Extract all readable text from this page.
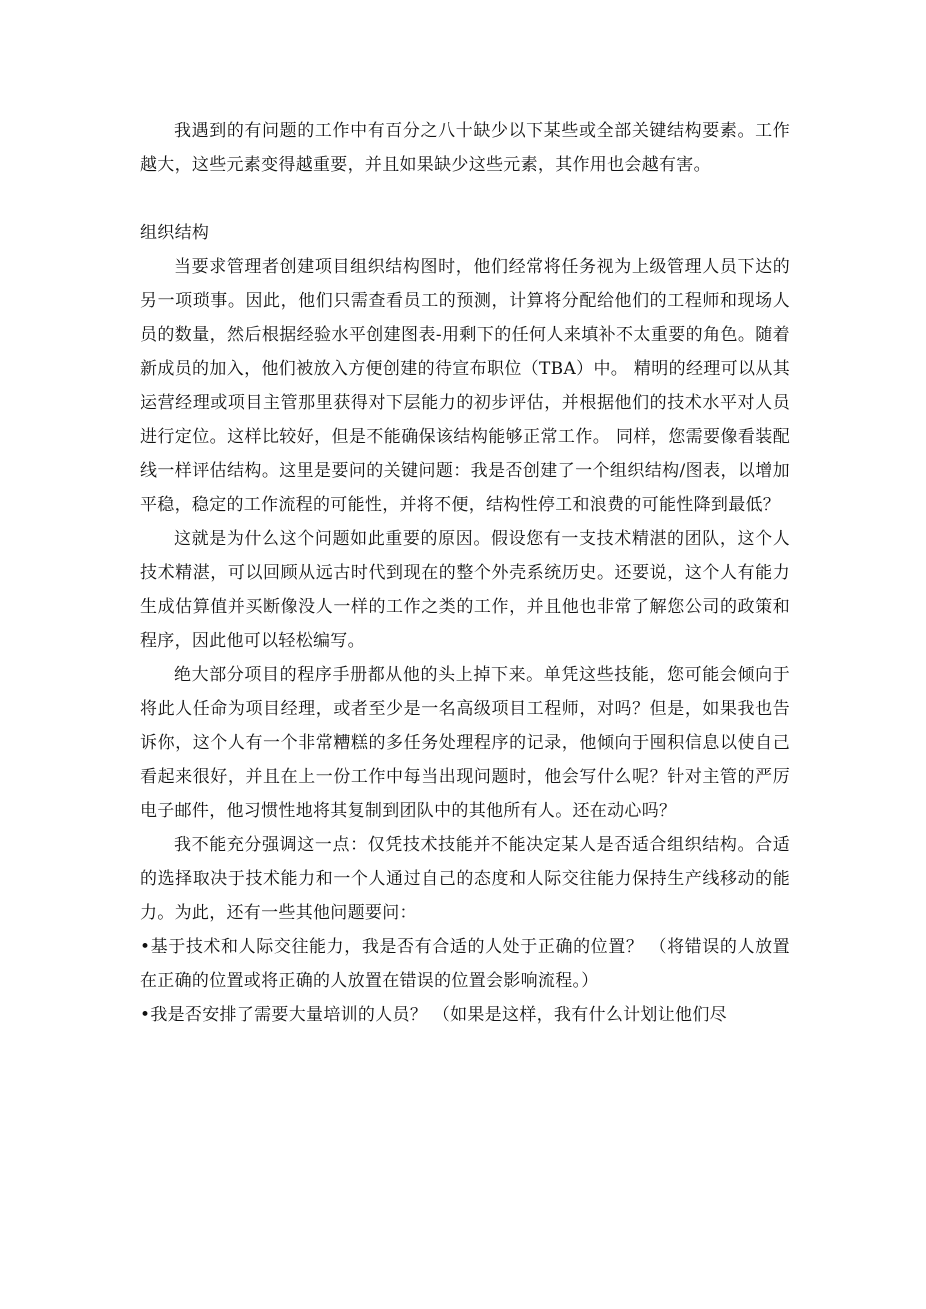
我遇到的有问题的工作中有百分之八十缺少以下某些或全部关键结构要素。工作越大，这些元素变得越重要，并且如果缺少这些元素，其作用也会越有害。

组织结构

当要求管理者创建项目组织结构图时，他们经常将任务视为上级管理人员下达的另一项琐事。因此，他们只需查看员工的预测，计算将分配给他们的工程师和现场人员的数量，然后根据经验水平创建图表-用剩下的任何人来填补不太重要的角色。随着新成员的加入，他们被放入方便创建的待宣布职位（TBA）中。 精明的经理可以从其运营经理或项目主管那里获得对下层能力的初步评估，并根据他们的技术水平对人员进行定位。这样比较好，但是不能确保该结构能够正常工作。 同样，您需要像看装配线一样评估结构。这里是要问的关键问题：我是否创建了一个组织结构/图表，以增加平稳，稳定的工作流程的可能性，并将不便，结构性停工和浪费的可能性降到最低？

这就是为什么这个问题如此重要的原因。假设您有一支技术精湛的团队，这个人技术精湛，可以回顾从远古时代到现在的整个外壳系统历史。还要说，这个人有能力生成估算值并买断像没人一样的工作之类的工作，并且他也非常了解您公司的政策和程序，因此他可以轻松编写。

绝大部分项目的程序手册都从他的头上掉下来。单凭这些技能，您可能会倾向于将此人任命为项目经理，或者至少是一名高级项目工程师，对吗？但是，如果我也告诉你，这个人有一个非常糟糕的多任务处理程序的记录，他倾向于囤积信息以使自己看起来很好，并且在上一份工作中每当出现问题时，他会写什么呢？针对主管的严厉电子邮件，他习惯性地将其复制到团队中的其他所有人。还在动心吗？

我不能充分强调这一点：仅凭技术技能并不能决定某人是否适合组织结构。合适的选择取决于技术能力和一个人通过自己的态度和人际交往能力保持生产线移动的能力。为此，还有一些其他问题要问：

•基于技术和人际交往能力，我是否有合适的人处于正确的位置？ （将错误的人放置在正确的位置或将正确的人放置在错误的位置会影响流程。）

•我是否安排了需要大量培训的人员？ （如果是这样，我有什么计划让他们尽
